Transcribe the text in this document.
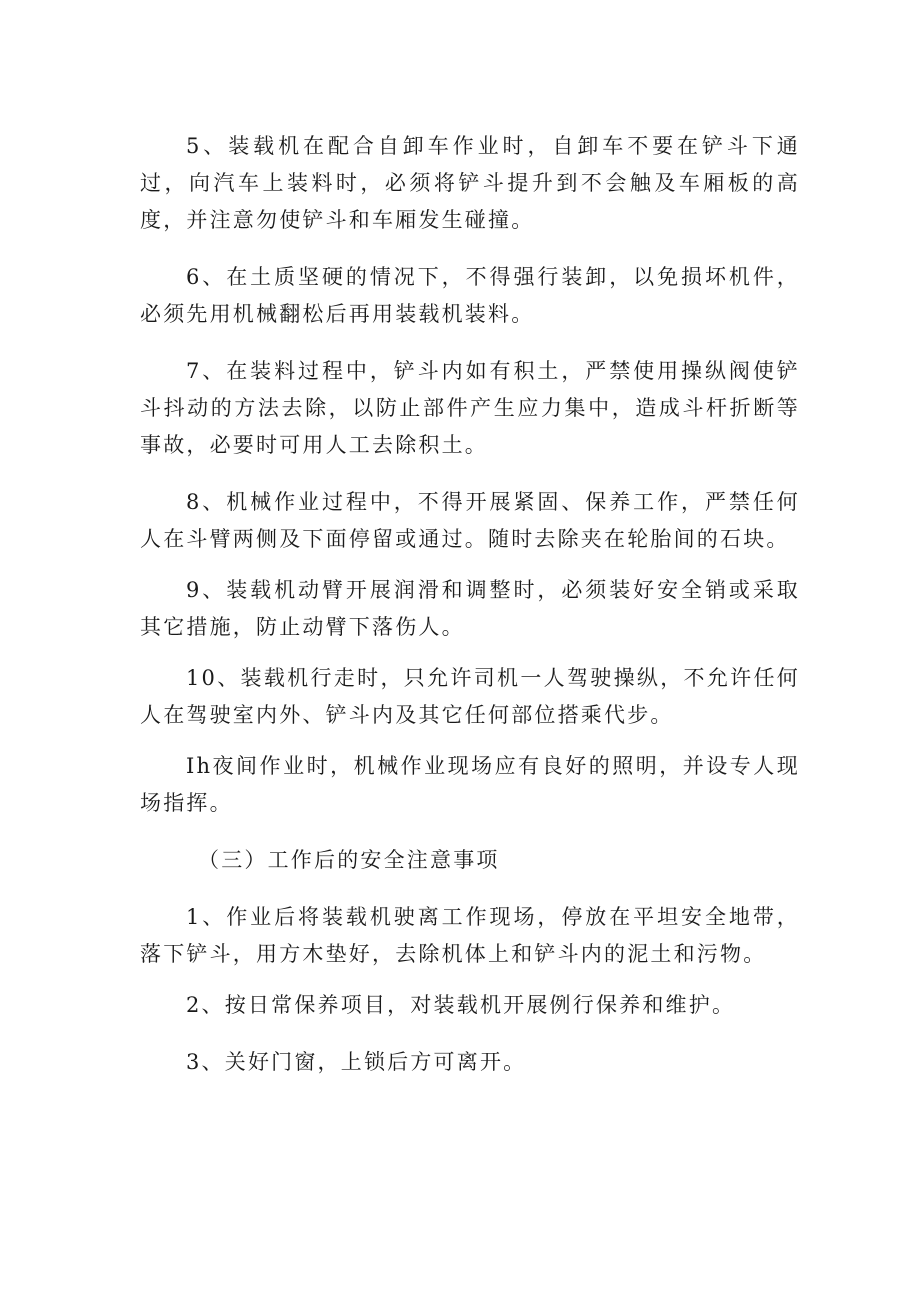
5、装载机在配合自卸车作业时，自卸车不要在铲斗下通过，向汽车上装料时，必须将铲斗提升到不会触及车厢板的高度，并注意勿使铲斗和车厢发生碰撞。

6、在土质坚硬的情况下，不得强行装卸，以免损坏机件，必须先用机械翻松后再用装载机装料。

7、在装料过程中，铲斗内如有积土，严禁使用操纵阀使铲斗抖动的方法去除，以防止部件产生应力集中，造成斗杆折断等事故，必要时可用人工去除积土。

8、机械作业过程中，不得开展紧固、保养工作，严禁任何人在斗臂两侧及下面停留或通过。随时去除夹在轮胎间的石块。

9、装载机动臂开展润滑和调整时，必须装好安全销或采取其它措施，防止动臂下落伤人。

10、装载机行走时，只允许司机一人驾驶操纵，不允许任何人在驾驶室内外、铲斗内及其它任何部位搭乘代步。

Ih夜间作业时，机械作业现场应有良好的照明，并设专人现场指挥。

（三）工作后的安全注意事项

1、作业后将装载机驶离工作现场，停放在平坦安全地带，落下铲斗，用方木垫好，去除机体上和铲斗内的泥土和污物。

2、按日常保养项目，对装载机开展例行保养和维护。

3、关好门窗，上锁后方可离开。
